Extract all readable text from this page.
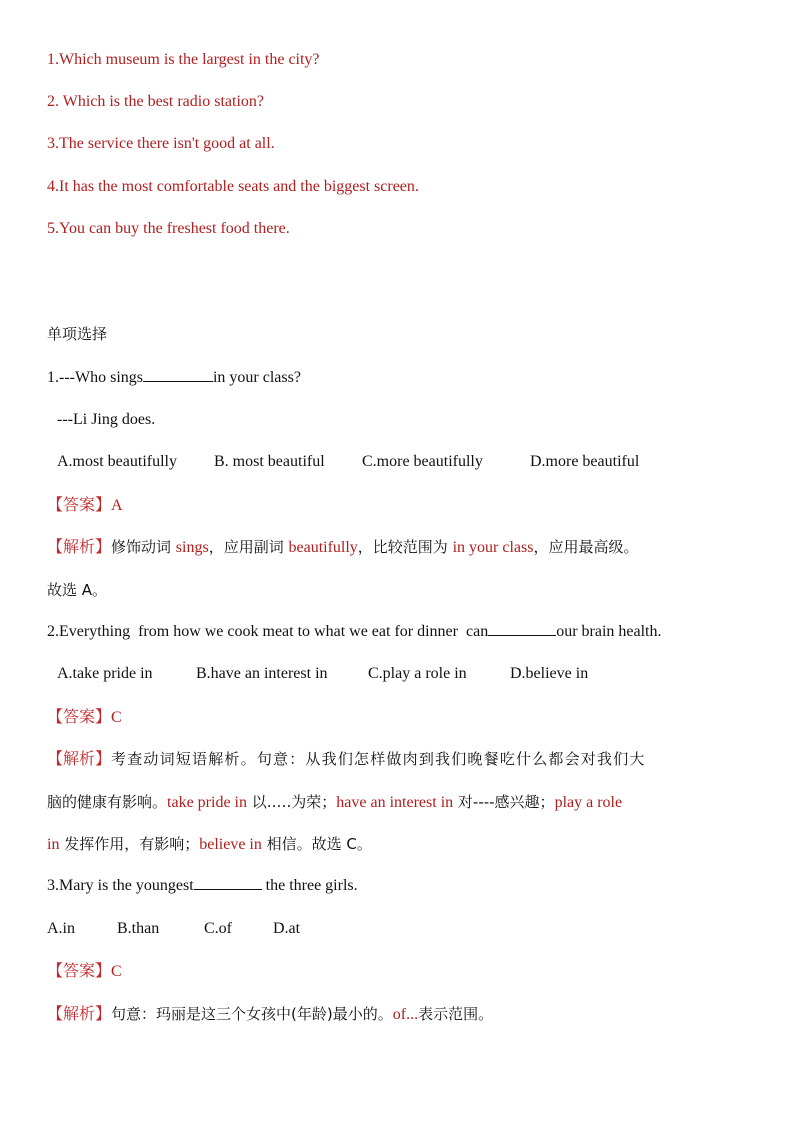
1.Which museum is the largest in the city?
2. Which is the best radio station?
3.The service there isn't good at all.
4.It has the most comfortable seats and the biggest screen.
5.You can buy the freshest food there.
单项选择
1.---Who sings	in your class?
---Li Jing does.
A.most beautifully B. most beautiful C.more beautifully	D.more beautiful
【答案】A
【解析】修饰动词 sings，应用副词 beautifully，比较范围为 in your class，应用最高级。
故选 A。
2.Everything  from how we cook meat to what we eat for dinner  can	our brain health.
A.take pride in	B.have an interest in	C.play a role in	D.believe in
【答案】C
【解析】考查动词短语解析。句意：从我们怎样做肉到我们晚餐吃什么都会对我们大
脑的健康有影响。take pride in 以.….为荣；have an interest in 对----感兴趣；play a role
in 发挥作用，有影响；believe in 相信。故选 C。
3.Mary is the youngest	the three girls.
A.in	B.than	C.of	D.at
【答案】C
【解析】句意：玛丽是这三个女孩中(年龄)最小的。of...表示范围。
